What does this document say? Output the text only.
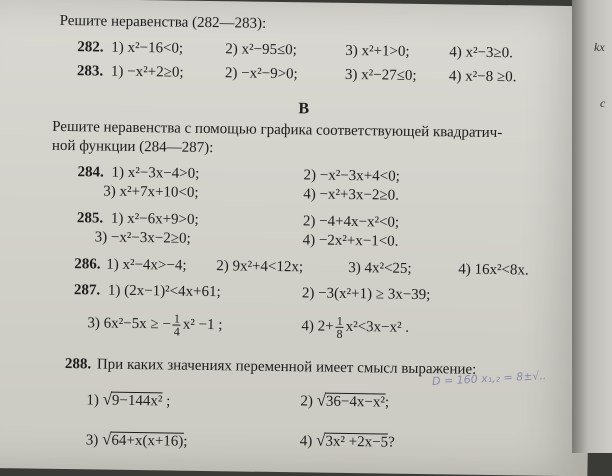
Решите неравенства (282—283):
282. 1) x²−16<0;	2) x²−95≤0;	3) x²+1>0;	4) x²−3≥0.
283. 1) −x²+2≥0;	2) −x²−9>0;	3) x²−27≤0; 4) x²−8 ≥0.
B
Решите неравенства с помощью графика соответствующей квадратич-
ной функции (284—287):
284. 1) x²−3x−4>0;	2) −x²−3x+4<0;
3) x²+7x+10<0;	4) −x²+3x−2≥0.
285. 1) x²−6x+9>0;	2) −4+4x−x²<0;
3) −x²−3x−2≥0;	4) −2x²+x−1<0.
286. 1) x²−4x>−4; 2) 9x²+4<12x;	3) 4x²<25;	4) 16x²<8x.
287. 1) (2x−1)²<4x+61;	2) −3(x²+1) ≥ 3x−39;
3) 6x²−5x ≥ − $\frac{1}{4} x^2 -1$ ;	4) $2+ \frac{1}{8} x^2<3x-x^2$ .
288. При каких значениях переменной имеет смысл выражение:
1) √9−144x² ;	2) √36−4x−x²;
3) √64+x(x+16);	4) √3x² +2x−5?
D = 160 x₁,₂ = 8±√..
kx
c
